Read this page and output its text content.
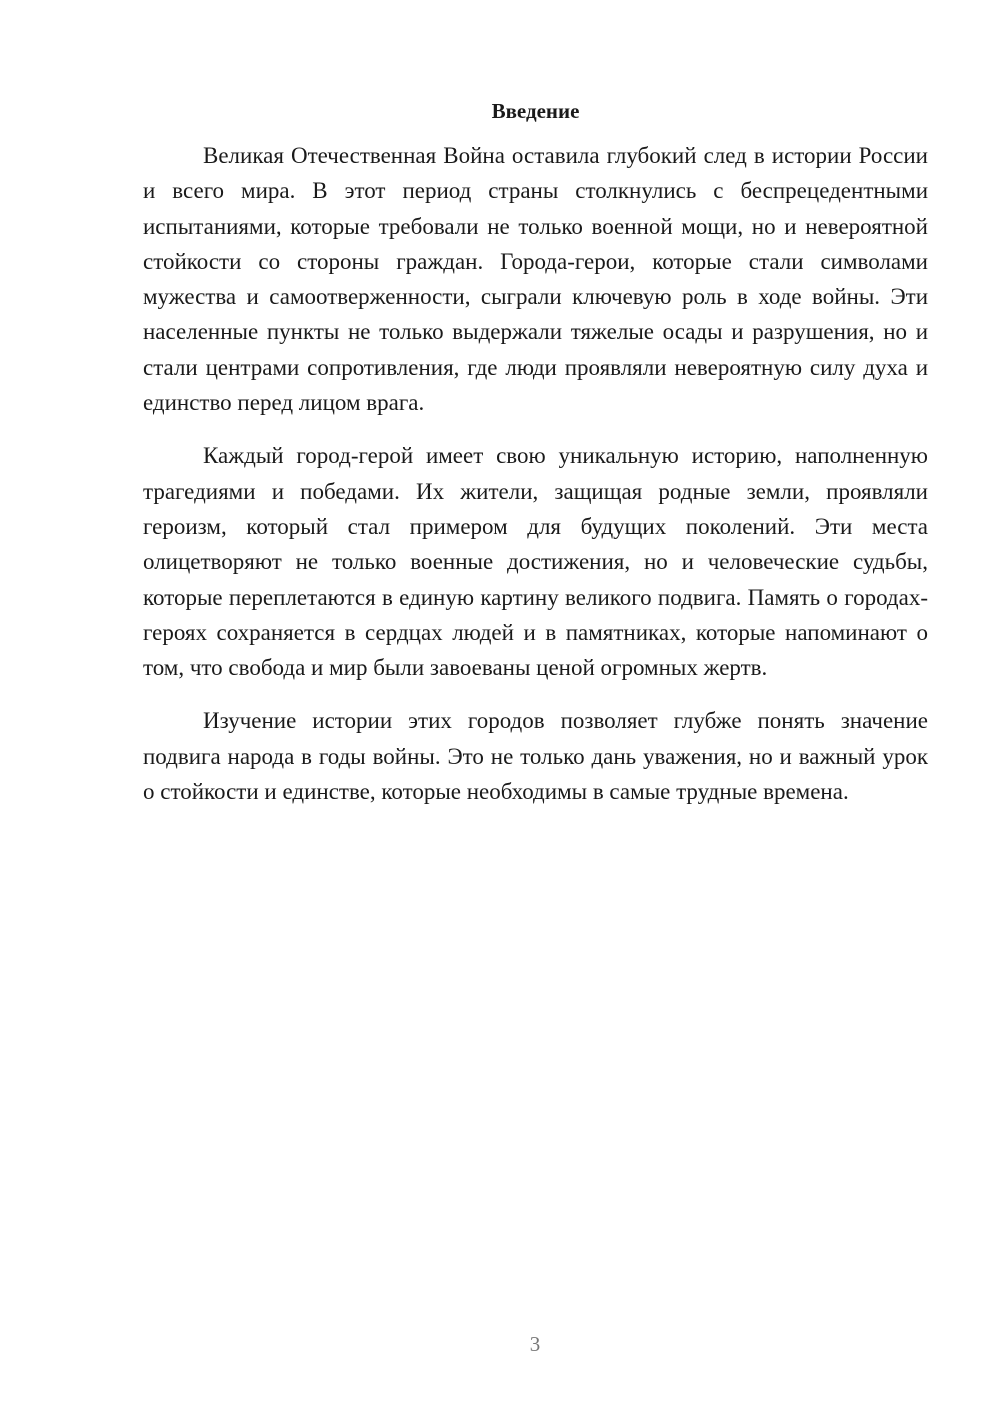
Введение

Великая Отечественная Война оставила глубокий след в истории России и всего мира. В этот период страны столкнулись с беспрецедентными испытаниями, которые требовали не только военной мощи, но и невероятной стойкости со стороны граждан. Города-герои, которые стали символами мужества и самоотверженности, сыграли ключевую роль в ходе войны. Эти населенные пункты не только выдержали тяжелые осады и разрушения, но и стали центрами сопротивления, где люди проявляли невероятную силу духа и единство перед лицом врага.

Каждый город-герой имеет свою уникальную историю, наполненную трагедиями и победами. Их жители, защищая родные земли, проявляли героизм, который стал примером для будущих поколений. Эти места олицетворяют не только военные достижения, но и человеческие судьбы, которые переплетаются в единую картину великого подвига. Память о городах-героях сохраняется в сердцах людей и в памятниках, которые напоминают о том, что свобода и мир были завоеваны ценой огромных жертв.

Изучение истории этих городов позволяет глубже понять значение подвига народа в годы войны. Это не только дань уважения, но и важный урок о стойкости и единстве, которые необходимы в самые трудные времена.

3
